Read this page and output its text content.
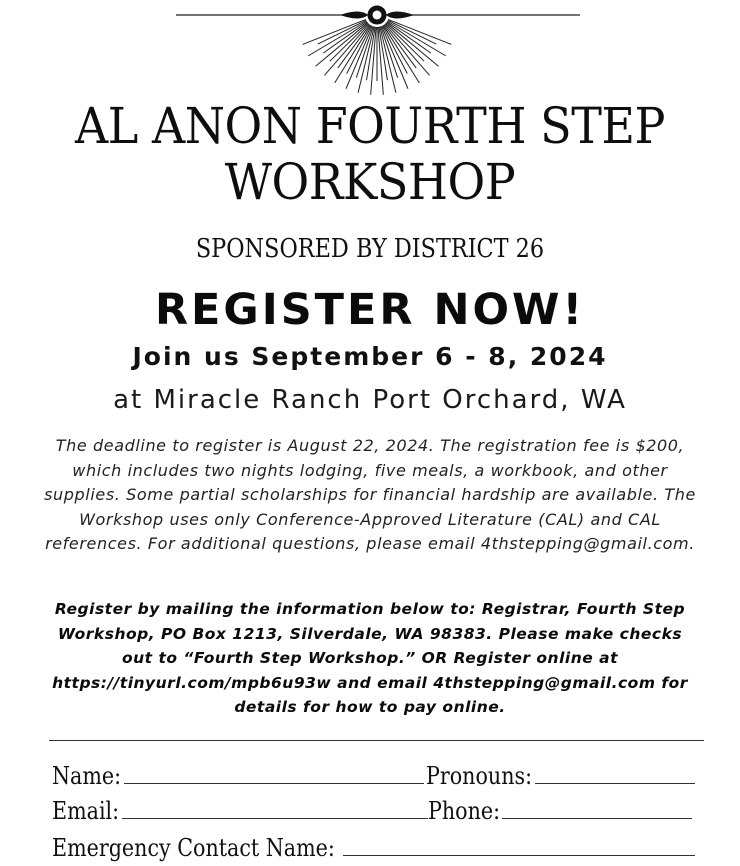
AL ANON FOURTH STEP
WORKSHOP
SPONSORED BY DISTRICT 26
REGISTER NOW!
Join us September 6 - 8, 2024
at Miracle Ranch Port Orchard, WA
The deadline to register is August 22, 2024. The registration fee is $200, which includes two nights lodging, five meals, a workbook, and other supplies. Some partial scholarships for financial hardship are available. The Workshop uses only Conference-Approved Literature (CAL) and CAL references. For additional questions, please email 4thstepping@gmail.com.
Register by mailing the information below to: Registrar, Fourth Step Workshop, PO Box 1213, Silverdale, WA 98383. Please make checks out to “Fourth Step Workshop.” OR Register online at https://tinyurl.com/mpb6u93w and email 4thstepping@gmail.com for details for how to pay online.
Name:	Pronouns:
Email:	Phone:
Emergency Contact Name:
